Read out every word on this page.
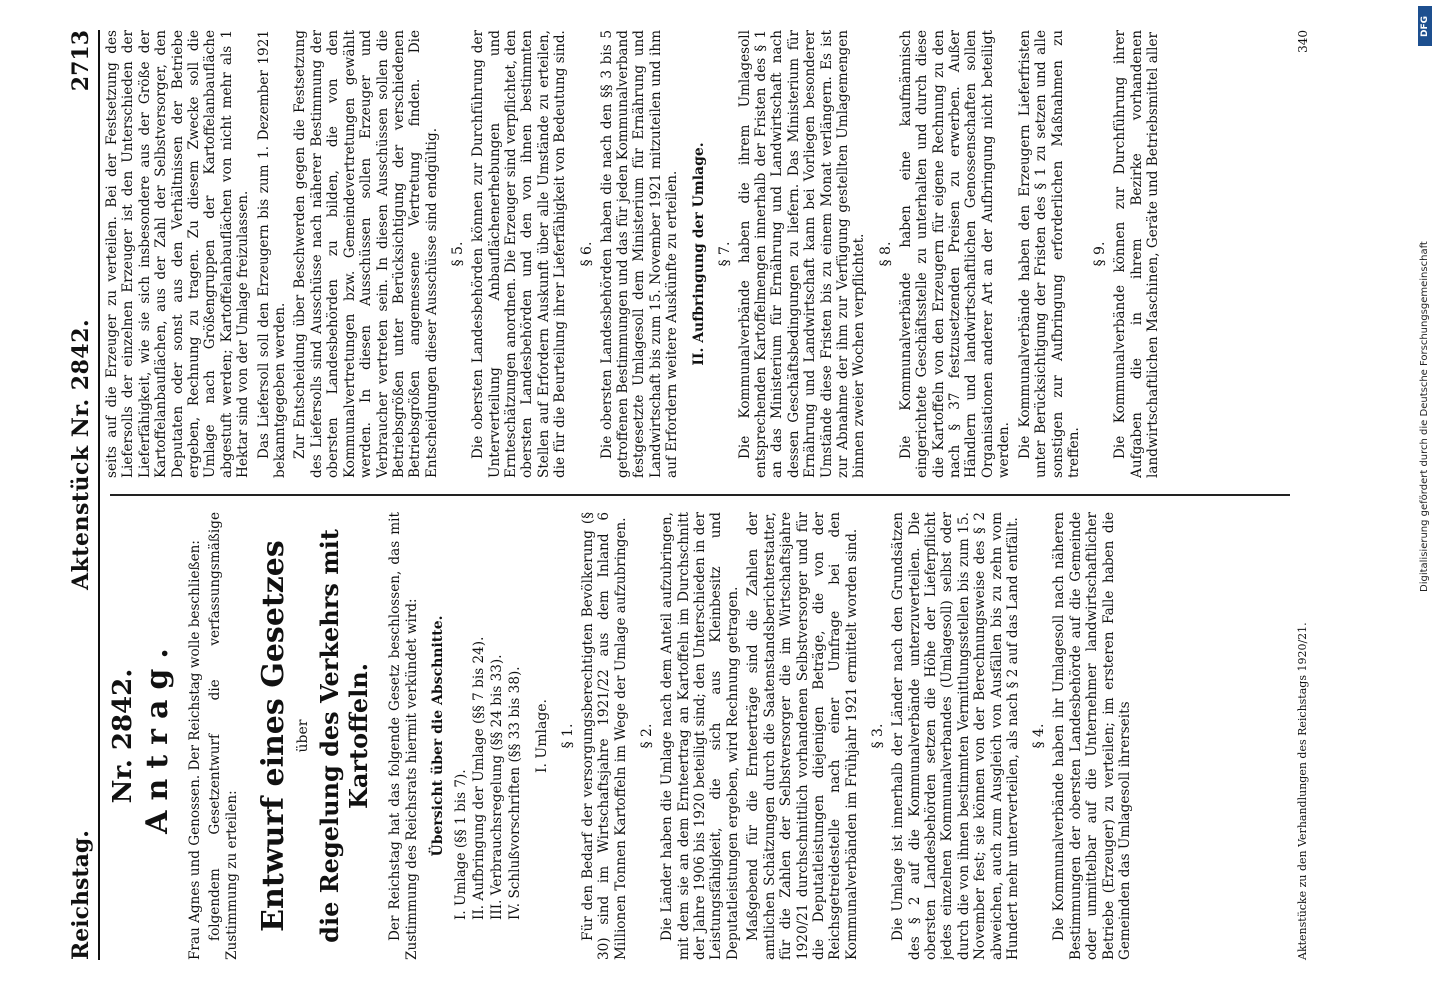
Reichstag.
Aktenstück Nr. 2842.
2713
Nr. 2842. Antrag. Frau Agnes und Genossen. Der Reichstag wolle beschließen: folgendem Gesetzentwurf die verfassungsmäßige Zustimmung zu erteilen: Entwurf eines Gesetzes über die Regelung des Verkehrs mit Kartoffeln. Der Reichstag hat das folgende Gesetz beschlossen, das mit Zustimmung des Reichsrats hiermit verkündet wird: Übersicht über die Abschnitte. I. Umlage (§§ 1 bis 7). II. Aufbringung der Umlage (§§ 7 bis 24). III. Verbrauchsregelung (§§ 24 bis 33). IV. Schlußvorschriften (§§ 33 bis 38). I. Umlage. § 1. Für den Bedarf der versorgungsberechtigten Bevölkerung (§ 30) sind im Wirtschaftsjahre 1921/22 aus dem Inland 6 Millionen Tonnen Kartoffeln im Wege der Umlage aufzubringen. § 2. Die Länder haben die Umlage nach dem Anteil aufzubringen, mit dem sie an dem Ernteertrag an Kartoffeln im Durchschnitt der Jahre 1906 bis 1920 beteiligt sind; den Unterschieden in der Leistungsfähigkeit, die sich aus Kleinbesitz und Deputatleistungen ergeben, wird Rechnung getragen. Maßgebend für die Ernteerträge sind die Zahlen der amtlichen Schätzungen durch die Saatenstandsberichterstatter, für die Zahlen der Selbstversorger die im Wirtschaftsjahre 1920/21 durchschnittlich vorhandenen Selbstversorger und für die Deputatleistungen diejenigen Beträge, die von der Reichsgetreidestelle nach einer Umfrage bei den Kommunalverbänden im Frühjahr 1921 ermittelt worden sind. § 3. Die Umlage ist innerhalb der Länder nach den Grundsätzen des § 2 auf die Kommunalverbände unterzuverteilen. Die obersten Landesbehörden setzen die Höhe der Lieferpflicht jedes einzelnen Kommunalverbandes (Umlagesoll) selbst oder durch die von ihnen bestimmten Vermittlungsstellen bis zum 15. November fest; sie können von der Berechnungsweise des § 2 abweichen, auch zum Ausgleich von Ausfällen bis zu zehn vom Hundert mehr unterverteilen, als nach § 2 auf das Land entfällt. § 4. Die Kommunalverbände haben ihr Umlagesoll nach näheren Bestimmungen der obersten Landesbehörde auf die Gemeinde oder unmittelbar auf die Unternehmer landwirtschaftlicher Betriebe (Erzeuger) zu verteilen; im ersteren Falle haben die Gemeinden das Umlagesoll ihrerseits

seits auf die Erzeuger zu verteilen. Bei der Festsetzung des Liefersolls der einzelnen Erzeuger ist den Unterschieden der Lieferfähigkeit, wie sie sich insbesondere aus der Größe der Kartoffelanbauflächen, aus der Zahl der Selbstversorger, den Deputaten oder sonst aus den Verhältnissen der Betriebe ergeben, Rechnung zu tragen. Zu diesem Zwecke soll die Umlage nach Größengruppen der Kartoffelanbaufläche abgestuft werden; Kartoffelanbauflächen von nicht mehr als 1 Hektar sind von der Umlage freizulassen. Das Liefersoll soll den Erzeugern bis zum 1. Dezember 1921 bekanntgegeben werden. Zur Entscheidung über Beschwerden gegen die Festsetzung des Liefersolls sind Ausschüsse nach näherer Bestimmung der obersten Landesbehörden zu bilden, die von den Kommunalvertretungen bzw. Gemeindevertretungen gewählt werden. In diesen Ausschüssen sollen Erzeuger und Verbraucher vertreten sein. In diesen Ausschüssen sollen die Betriebsgrößen unter Berücksichtigung der verschiedenen Betriebsgrößen angemessene Vertretung finden. Die Entscheidungen dieser Ausschüsse sind endgültig. § 5. Die obersten Landesbehörden können zur Durchführung der Unterverteilung Anbauflächenerhebungen und Ernteschätzungen anordnen. Die Erzeuger sind verpflichtet, den obersten Landesbehörden und den von ihnen bestimmten Stellen auf Erfordern Auskunft über alle Umstände zu erteilen, die für die Beurteilung ihrer Lieferfähigkeit von Bedeutung sind. § 6. Die obersten Landesbehörden haben die nach den §§ 3 bis 5 getroffenen Bestimmungen und das für jeden Kommunalverband festgesetzte Umlagesoll dem Ministerium für Ernährung und Landwirtschaft bis zum 15. November 1921 mitzuteilen und ihm auf Erfordern weitere Auskünfte zu erteilen. II. Aufbringung der Umlage. § 7. Die Kommunalverbände haben die ihrem Umlagesoll entsprechenden Kartoffelmengen innerhalb der Fristen des § 1 an das Ministerium für Ernährung und Landwirtschaft nach dessen Geschäftsbedingungen zu liefern. Das Ministerium für Ernährung und Landwirtschaft kann bei Vorliegen besonderer Umstände diese Fristen bis zu einem Monat verlängern. Es ist zur Abnahme der ihm zur Verfügung gestellten Umlagemengen binnen zweier Wochen verpflichtet. § 8. Die Kommunalverbände haben eine kaufmännisch eingerichtete Geschäftsstelle zu unterhalten und durch diese die Kartoffeln von den Erzeugern für eigene Rechnung zu den nach § 37 festzusetzenden Preisen zu erwerben. Außer Händlern und landwirtschaftlichen Genossenschaften sollen Organisationen anderer Art an der Aufbringung nicht beteiligt werden. Die Kommunalverbände haben den Erzeugern Lieferfristen unter Berücksichtigung der Fristen des § 1 zu setzen und alle sonstigen zur Aufbringung erforderlichen Maßnahmen zu treffen.

§ 9. Die Kommunalverbände können zur Durchführung ihrer Aufgaben die in ihrem Bezirke vorhandenen landwirtschaftlichen Maschinen, Geräte und Betriebsmittel aller

Aktenstücke zu den Verhandlungen des Reichstags 1920/21.
340
DFG
Digitalisierung gefördert durch die Deutsche Forschungsgemeinschaft
